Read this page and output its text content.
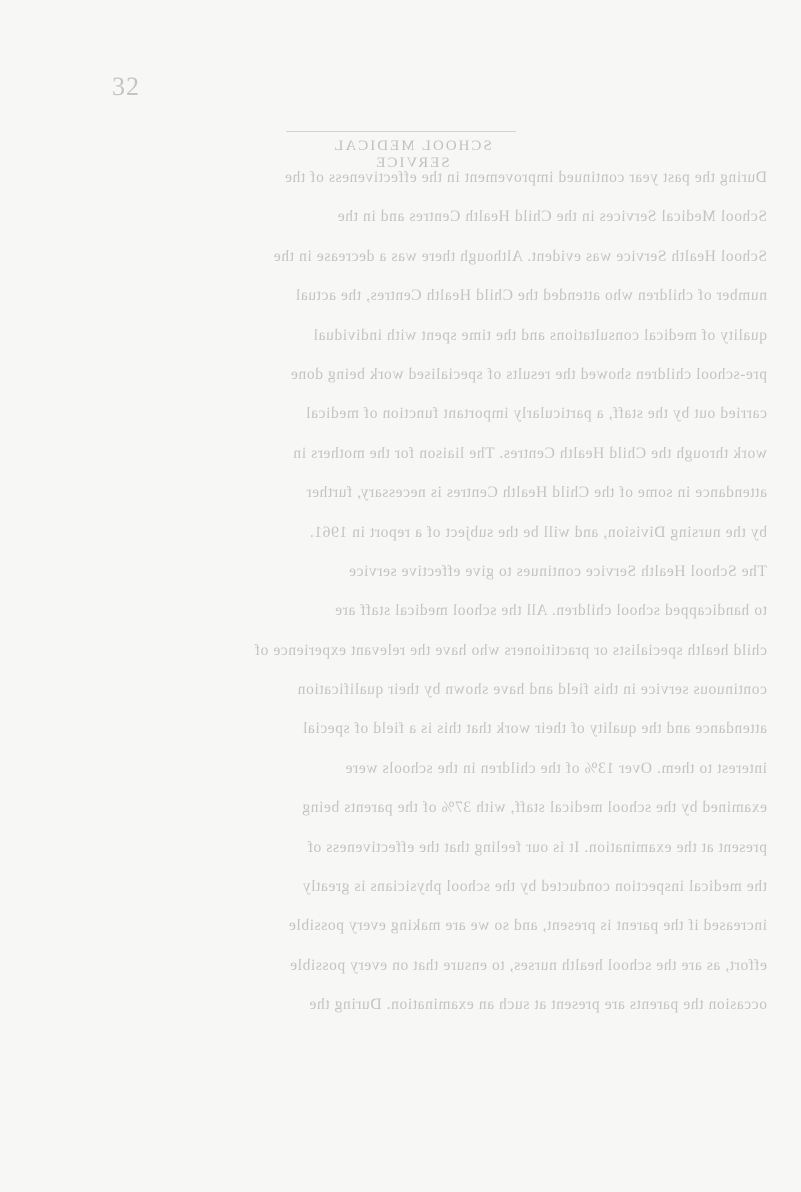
32
SCHOOL MEDICAL SERVICE
During the past year continued improvement in the effectiveness of the
School Medical Services in the Child Health Centres and in the
School Health Service was evident. Although there was a decrease in the
number of children who attended the Child Health Centres, the actual
quality of medical consultations and the time spent with individual
pre-school children showed the results of specialised work being done
carried out by the staff, a particularly important function of medical
work through the Child Health Centres. The liaison for the mothers in
attendance in some of the Child Health Centres is necessary, further
by the nursing Division, and will be the subject of a report in 1961.
The School Health Service continues to give effective service
to handicapped school children. All the school medical staff are
child health specialists or practitioners who have the relevant experience of
continuous service in this field and have shown by their qualification
attendance and the quality of their work that this is a field of special
interest to them. Over 13% of the children in the schools were
examined by the school medical staff, with 37% of the parents being
present at the examination. It is our feeling that the effectiveness of
the medical inspection conducted by the school physicians is greatly
increased if the parent is present, and so we are making every possible
effort, as are the school health nurses, to ensure that on every possible
occasion the parents are present at such an examination. During the
